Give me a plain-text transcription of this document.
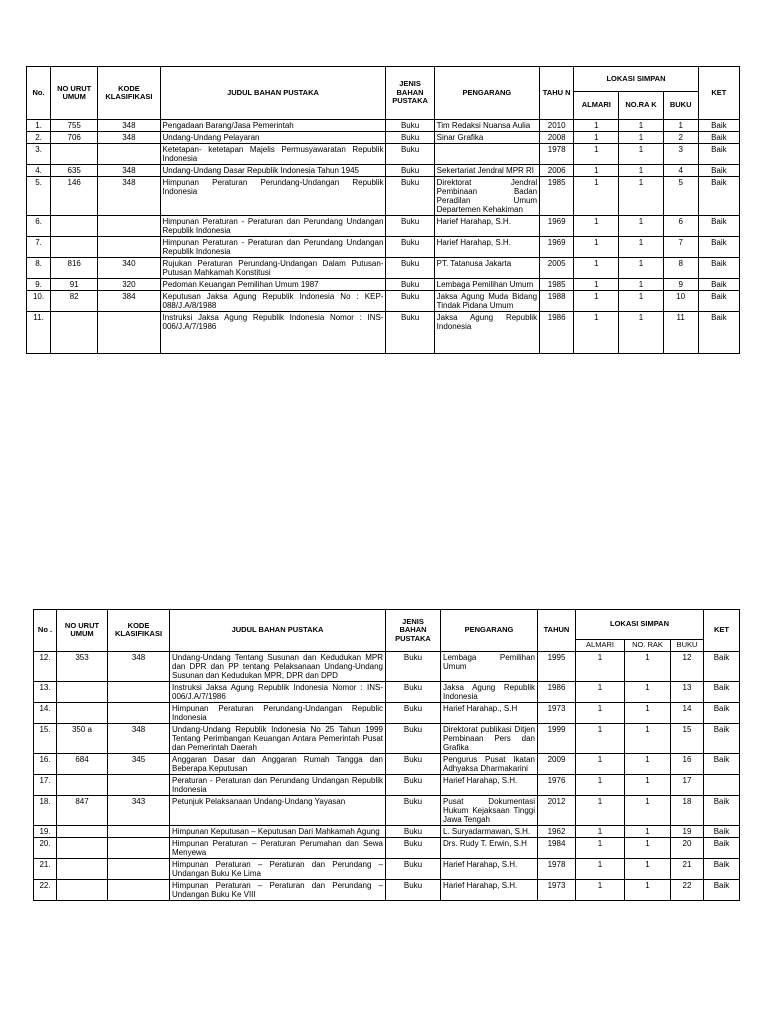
No.	NO URUT UMUM	KODE KLASIFIKASI	JUDUL BAHAN PUSTAKA	JENIS BAHAN PUSTAKA	PENGARANG	TAHU N	LOKASI SIMPAN			KET
							ALMARI	NO.RA K	BUKU	
1.	755	348	Pengadaan Barang/Jasa Pemerintah	Buku	Tim Redaksi Nuansa Aulia	2010	1	1	1	Baik
2.	706	348	Undang-Undang Pelayaran	Buku	Sinar Grafika	2008	1	1	2	Baik
3.			Ketetapan- ketetapan Majelis Permusyawaratan Republik Indonesia	Buku		1978	1	1	3	Baik
4.	635	348	Undang-Undang Dasar Republik Indonesia Tahun 1945	Buku	Sekertariat Jendral MPR RI	2006	1	1	4	Baik
5.	146	348	Himpunan Peraturan Perundang-Undangan Republik Indonesia	Buku	Direktorat Jendral Pembinaan Badan Peradilan Umum Departemen Kehakiman	1985	1	1	5	Baik
6.			Himpunan Peraturan - Peraturan dan Perundang Undangan Republik Indonesia	Buku	Harief Harahap, S.H.	1969	1	1	6	Baik
7.			Himpunan Peraturan - Peraturan dan Perundang Undangan Republik Indonesia	Buku	Harief Harahap, S.H.	1969	1	1	7	Baik
8.	816	340	Rujukan Peraturan Perundang-Undangan Dalam Putusan-Putusan Mahkamah Konstitusi	Buku	PT. Tatanusa Jakarta	2005	1	1	8	Baik
9.	91	320	Pedoman Keuangan Pemilihan Umum 1987	Buku	Lembaga Pemilihan Umum	1985	1	1	9	Baik
10.	82	384	Keputusan Jaksa Agung Republik Indonesia No : KEP-088/J.A/8/1988	Buku	Jaksa Agung Muda Bidang Tindak Pidana Umum	1988	1	1	10	Baik
11.			Instruksi Jaksa Agung Republik Indonesia Nomor : INS-006/J.A/7/1986	Buku	Jaksa Agung Republik Indonesia	1986	1	1	11	Baik
No .	NO URUT UMUM	KODE KLASIFIKASI	JUDUL BAHAN PUSTAKA	JENIS BAHAN PUSTAKA	PENGARANG	TAHUN	LOKASI SIMPAN			KET
							ALMARI	NO. RAK	BUKU	
12.	353	348	Undang-Undang Tentang Susunan dan Kedudukan MPR dan DPR dan PP tentang Pelaksanaan Undang-Undang Susunan dan Kedudukan MPR, DPR dan DPD	Buku	Lembaga Pemilihan Umum	1995	1	1	12	Baik
13.			Instruksi Jaksa Agung Republik Indonesia Nomor : INS-006/J.A/7/1986	Buku	Jaksa Agung Republik Indonesia	1986	1	1	13	Baik
14.			Himpunan Peraturan Perundang-Undangan Republic Indonesia	Buku	Harief Harahap., S.H	1973	1	1	14	Baik
15.	350 a	348	Undang-Undang Republik Indonesia No 25 Tahun 1999 Tentang Perimbangan Keuangan Antara Pemerintah Pusat dan Pemerintah Daerah	Buku	Direktorat publikasi Ditjen Pembinaan Pers dan Grafika	1999	1	1	15	Baik
16.	684	345	Anggaran Dasar dan Anggaran Rumah Tangga dan Beberapa Keputusan	Buku	Pengurus Pusat Ikatan Adhyaksa Dharmakarini	2009	1	1	16	Baik
17.			Peraturan - Peraturan dan Perundang Undangan Republik Indonesia	Buku	Harief Harahap, S.H.	1976	1	1	17	
18.	847	343	Petunjuk Pelaksanaan Undang-Undang Yayasan	Buku	Pusat Dokumentasi Hukum Kejaksaan Tinggi Jawa Tengah	2012	1	1	18	Baik
19.			Himpunan Keputusan – Keputusan Dari Mahkamah Agung	Buku	L. Suryadarmawan, S.H.	1962	1	1	19	Baik
20.			Himpunan Peraturan – Peraturan Perumahan dan Sewa Menyewa	Buku	Drs. Rudy T. Erwin, S.H	1984	1	1	20	Baik
21.			Himpunan Peraturan – Peraturan dan Perundang – Undangan Buku Ke Lima	Buku	Harief Harahap, S.H.	1978	1	1	21	Baik
22.			Himpunan Peraturan – Peraturan dan Perundang – Undangan Buku Ke VIII	Buku	Harief Harahap, S.H.	1973	1	1	22	Baik
